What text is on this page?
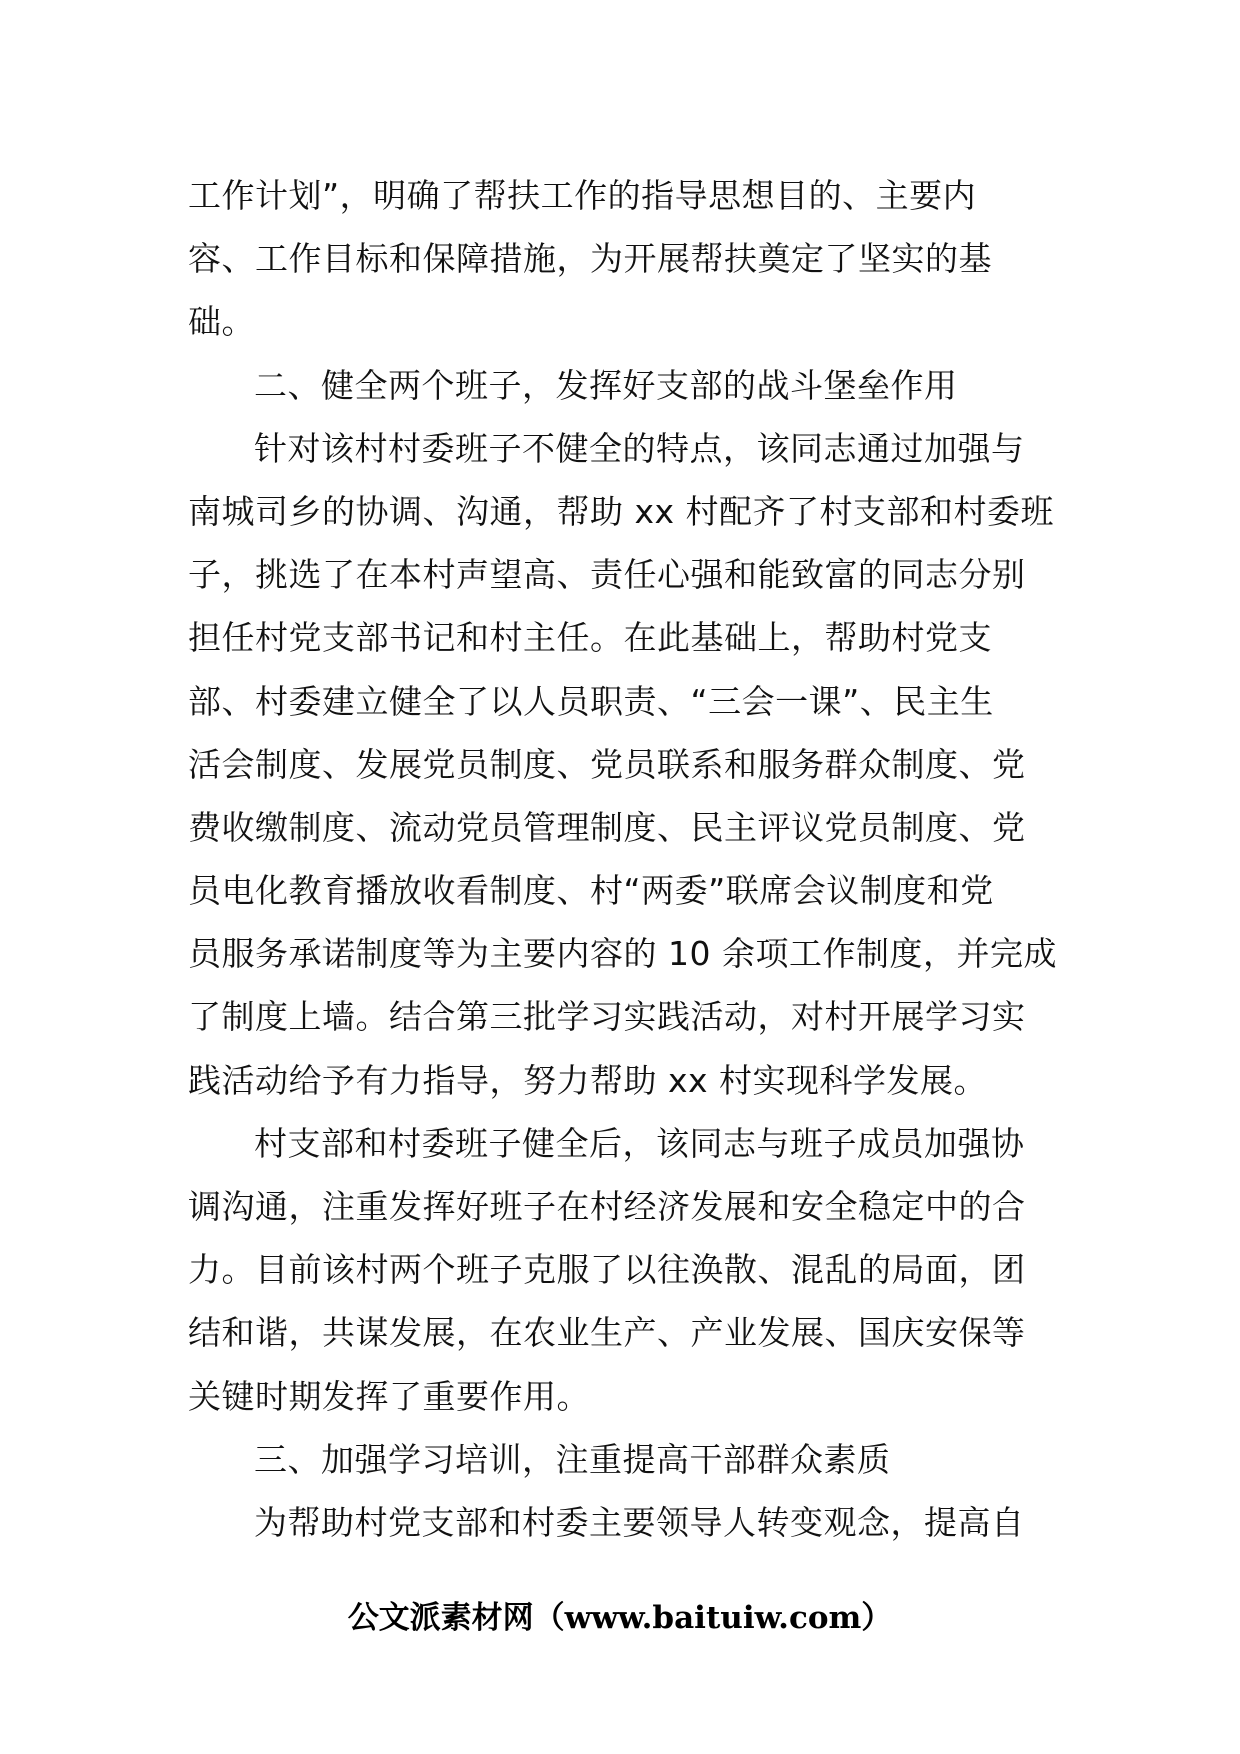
工作计划”，明确了帮扶工作的指导思想目的、主要内
容、工作目标和保障措施，为开展帮扶奠定了坚实的基
础。
二、健全两个班子，发挥好支部的战斗堡垒作用
针对该村村委班子不健全的特点，该同志通过加强与
南城司乡的协调、沟通，帮助 xx 村配齐了村支部和村委班
子，挑选了在本村声望高、责任心强和能致富的同志分别
担任村党支部书记和村主任。在此基础上，帮助村党支
部、村委建立健全了以人员职责、“三会一课”、民主生
活会制度、发展党员制度、党员联系和服务群众制度、党
费收缴制度、流动党员管理制度、民主评议党员制度、党
员电化教育播放收看制度、村“两委”联席会议制度和党
员服务承诺制度等为主要内容的 10 余项工作制度，并完成
了制度上墙。结合第三批学习实践活动，对村开展学习实
践活动给予有力指导，努力帮助 xx 村实现科学发展。
村支部和村委班子健全后，该同志与班子成员加强协
调沟通，注重发挥好班子在村经济发展和安全稳定中的合
力。目前该村两个班子克服了以往涣散、混乱的局面，团
结和谐，共谋发展，在农业生产、产业发展、国庆安保等
关键时期发挥了重要作用。
三、加强学习培训，注重提高干部群众素质
为帮助村党支部和村委主要领导人转变观念，提高自
公文派素材网（www.baituiw.com）
